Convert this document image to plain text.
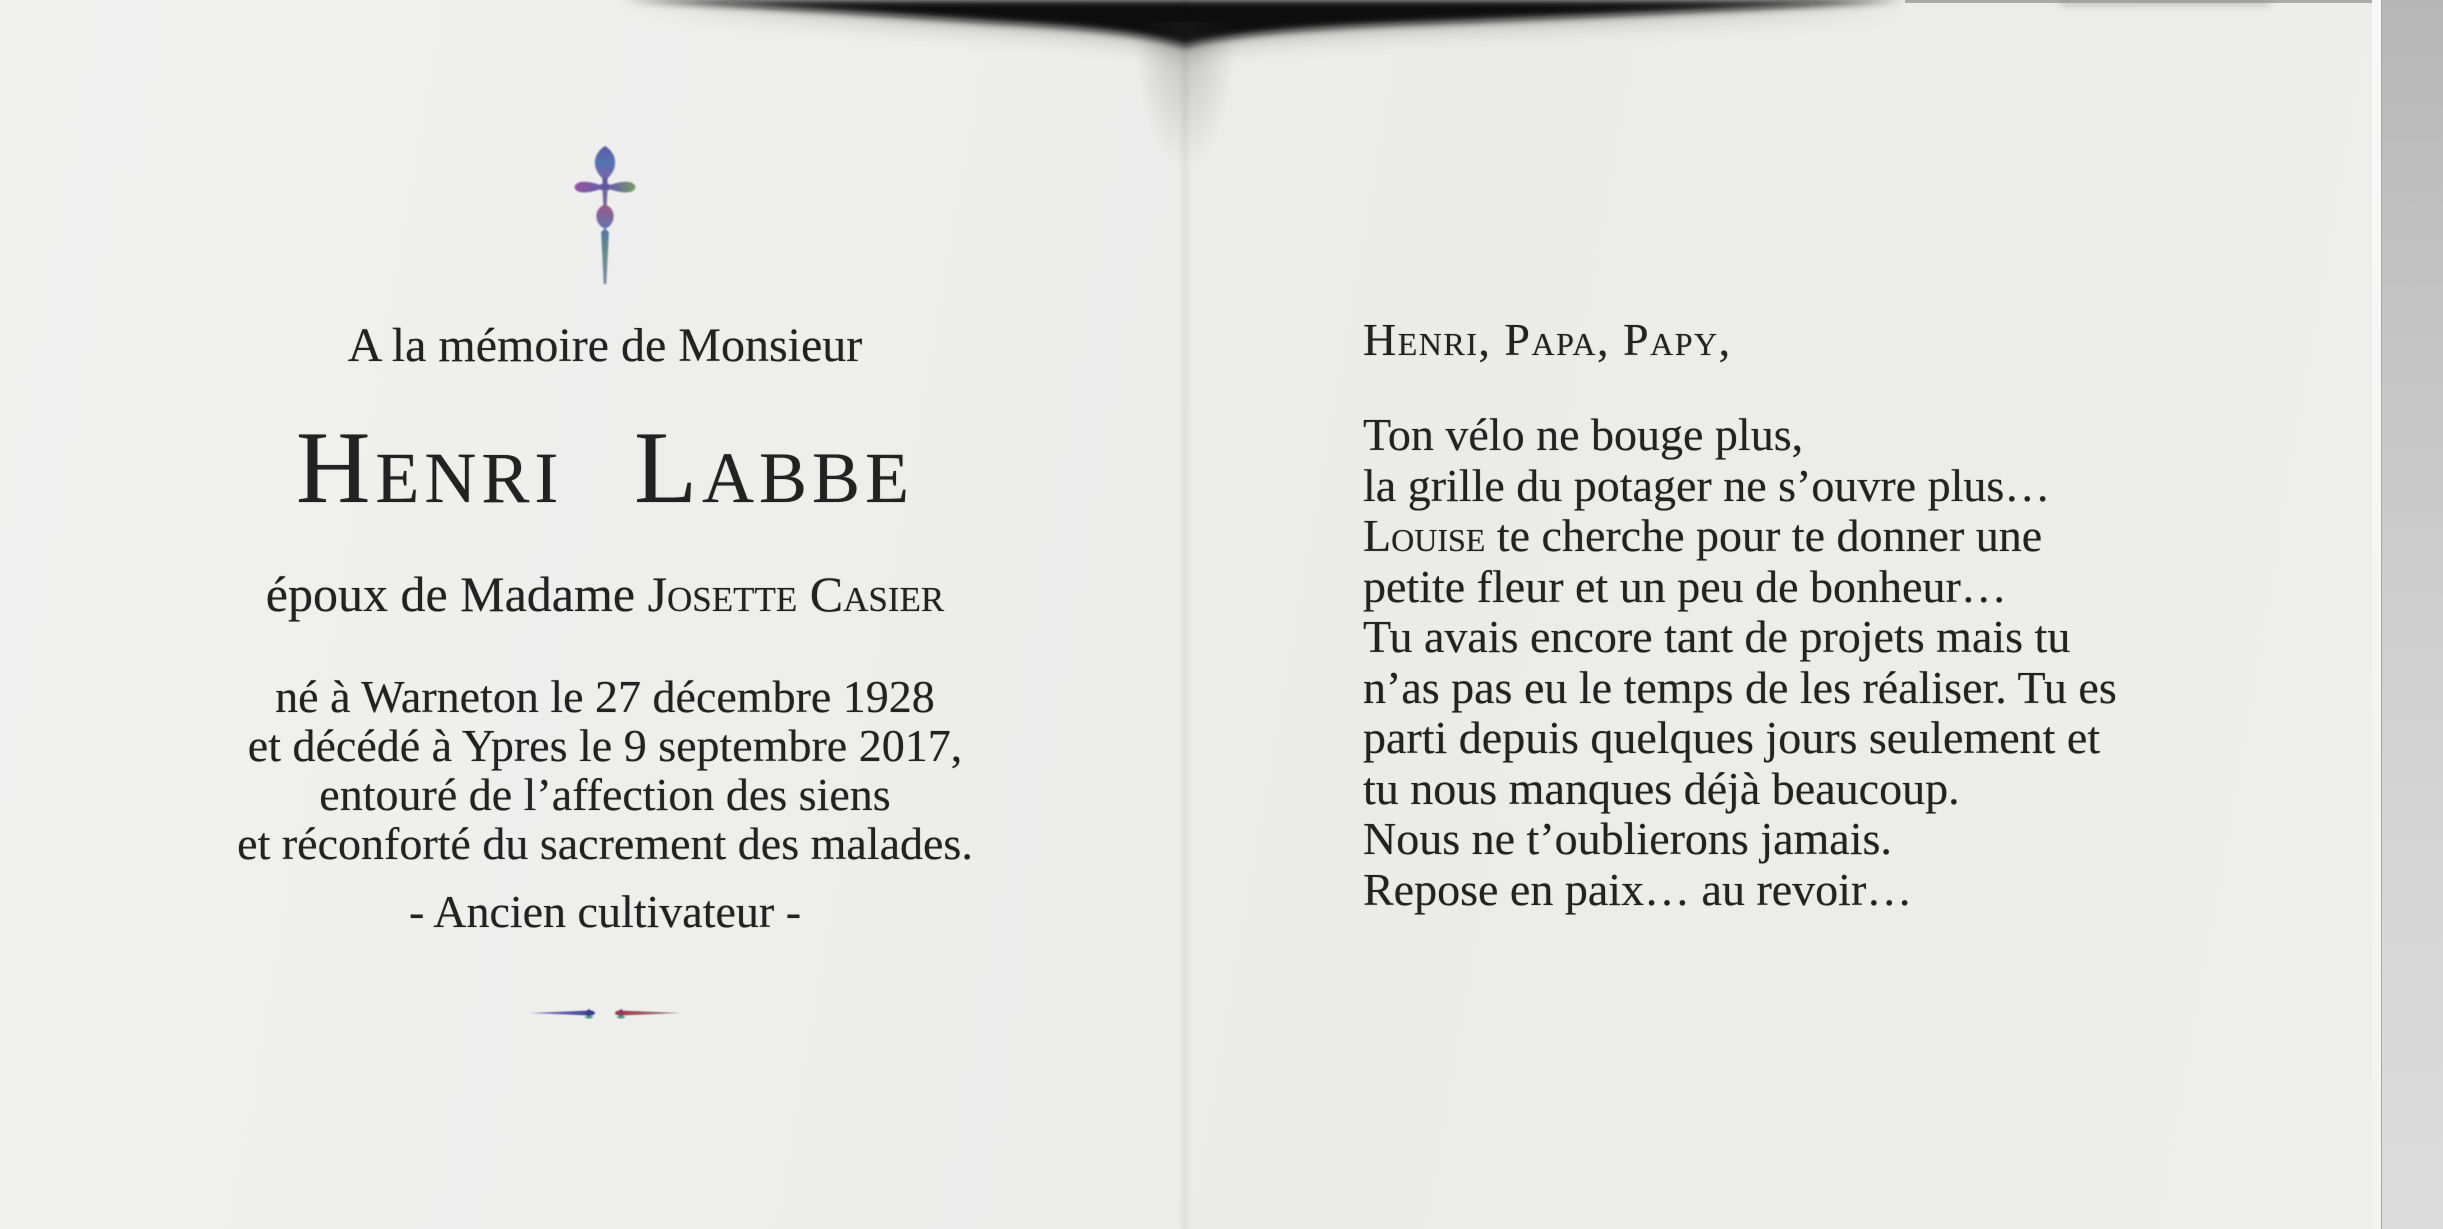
A la mémoire de Monsieur
Henri Labbe
époux de Madame Josette Casier
né à Warneton le 27 décembre 1928
et décédé à Ypres le 9 septembre 2017,
entouré de l’affection des siens
et réconforté du sacrement des malades.
- Ancien cultivateur -
Henri, Papa, Papy,
Ton vélo ne bouge plus,
la grille du potager ne s’ouvre plus…
Louise te cherche pour te donner une
petite fleur et un peu de bonheur…
Tu avais encore tant de projets mais tu
n’as pas eu le temps de les réaliser. Tu es
parti depuis quelques jours seulement et
tu nous manques déjà beaucoup.
Nous ne t’oublierons jamais.
Repose en paix… au revoir…
